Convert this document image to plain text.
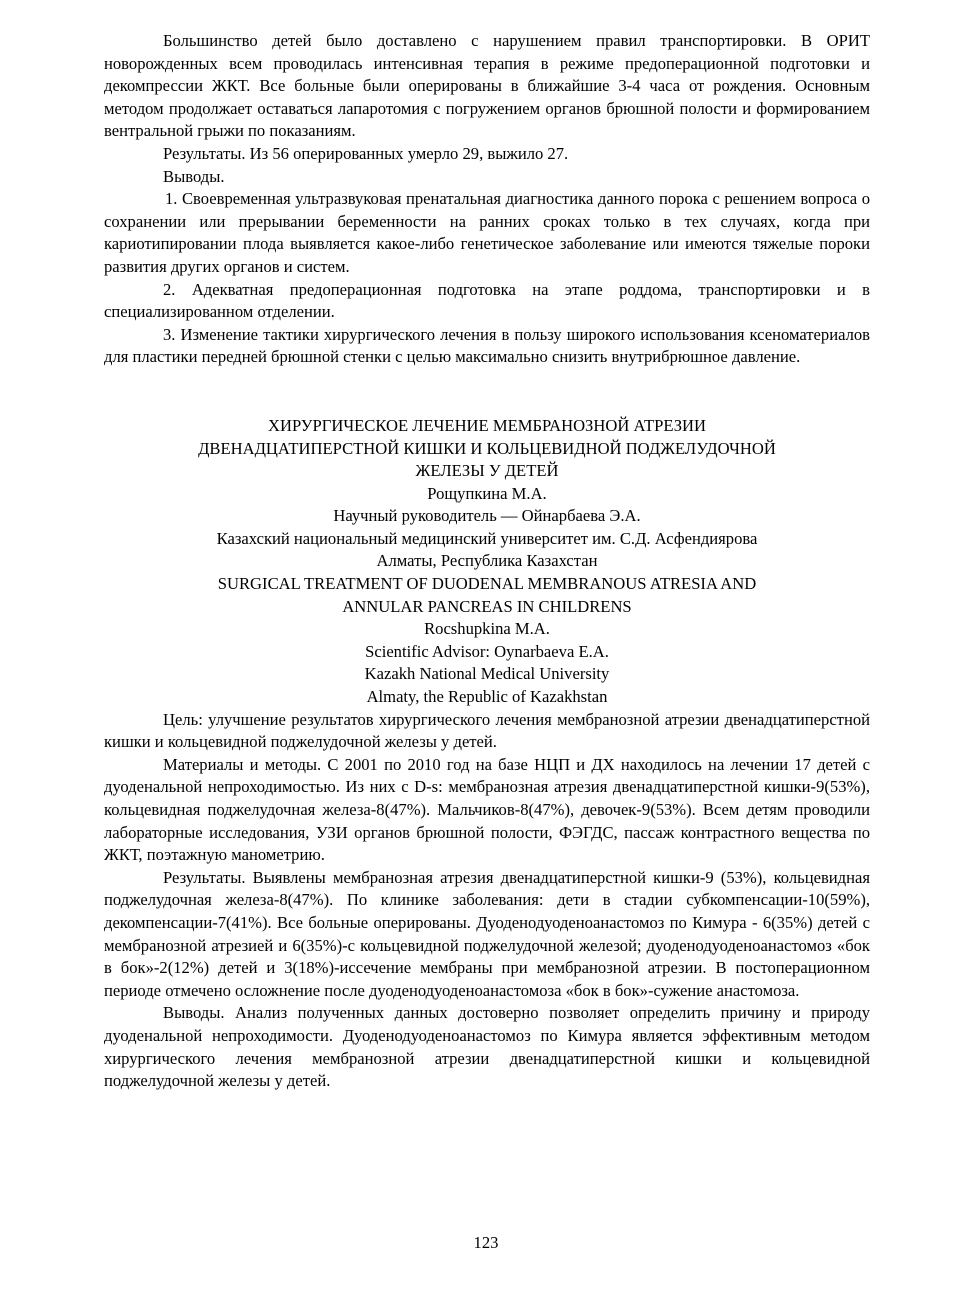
Большинство детей было доставлено с нарушением правил транспортировки. В ОРИТ новорожденных всем проводилась интенсивная терапия в режиме предоперационной подготовки и декомпрессии ЖКТ. Все больные были оперированы в ближайшие 3-4 часа от рождения. Основным методом продолжает оставаться лапаротомия с погружением органов брюшной полости и формированием вентральной грыжи по показаниям.

Результаты. Из 56 оперированных умерло 29, выжило 27.

Выводы.

1. Своевременная ультразвуковая пренатальная диагностика данного порока с решением вопроса о сохранении или прерывании беременности на ранних сроках только в тех случаях, когда при кариотипировании плода выявляется какое-либо генетическое заболевание или имеются тяжелые пороки развития других органов и систем.

2. Адекватная предоперационная подготовка на этапе роддома, транспортировки и в специализированном отделении.

3. Изменение тактики хирургического лечения в пользу широкого использования ксеноматериалов для пластики передней брюшной стенки с целью максимально снизить внутрибрюшное давление.

ХИРУРГИЧЕСКОЕ ЛЕЧЕНИЕ МЕМБРАНОЗНОЙ АТРЕЗИИ

ДВЕНАДЦАТИПЕРСТНОЙ КИШКИ И КОЛЬЦЕВИДНОЙ ПОДЖЕЛУДОЧНОЙ

ЖЕЛЕЗЫ У ДЕТЕЙ

Рощупкина М.А.

Научный руководитель — Ойнарбаева Э.А.

Казахский национальный медицинский университет им. С.Д. Асфендиярова

Алматы, Республика Казахстан

SURGICAL TREATMENT OF DUODENAL MEMBRANOUS ATRESIA AND

ANNULAR PANCREAS IN CHILDRENS

Rocshupkina M.A.

Scientific Advisor: Oynarbaeva E.A.

Kazakh National Medical University

Almaty, the Republic of Kazakhstan

Цель: улучшение результатов хирургического лечения мембранозной атрезии двенадцатиперстной кишки и кольцевидной поджелудочной железы у детей.

Материалы и методы. С 2001 по 2010 год на базе НЦП и ДХ находилось на лечении 17 детей с дуоденальной непроходимостью. Из них с D-s: мембранозная атрезия двенадцатиперстной кишки-9(53%), кольцевидная поджелудочная железа-8(47%). Мальчиков-8(47%), девочек-9(53%). Всем детям проводили лабораторные исследования, УЗИ органов брюшной полости, ФЭГДС, пассаж контрастного вещества по ЖКТ, поэтажную манометрию.

Результаты. Выявлены мембранозная атрезия двенадцатиперстной кишки-9 (53%), кольцевидная поджелудочная железа-8(47%). По клинике заболевания: дети в стадии субкомпенсации-10(59%), декомпенсации-7(41%). Все больные оперированы. Дуоденодуоденоанастомоз по Кимура - 6(35%) детей с мембранозной атрезией и 6(35%)-с кольцевидной поджелудочной железой; дуоденодуоденоанастомоз «бок в бок»-2(12%) детей и 3(18%)-иссечение мембраны при мембранозной атрезии. В постоперационном периоде отмечено осложнение после дуоденодуоденоанастомоза «бок в бок»-сужение анастомоза.

Выводы. Анализ полученных данных достоверно позволяет определить причину и природу дуоденальной непроходимости. Дуоденодуоденоанастомоз по Кимура является эффективным методом хирургического лечения мембранозной атрезии двенадцатиперстной кишки и кольцевидной поджелудочной железы у детей.

123
